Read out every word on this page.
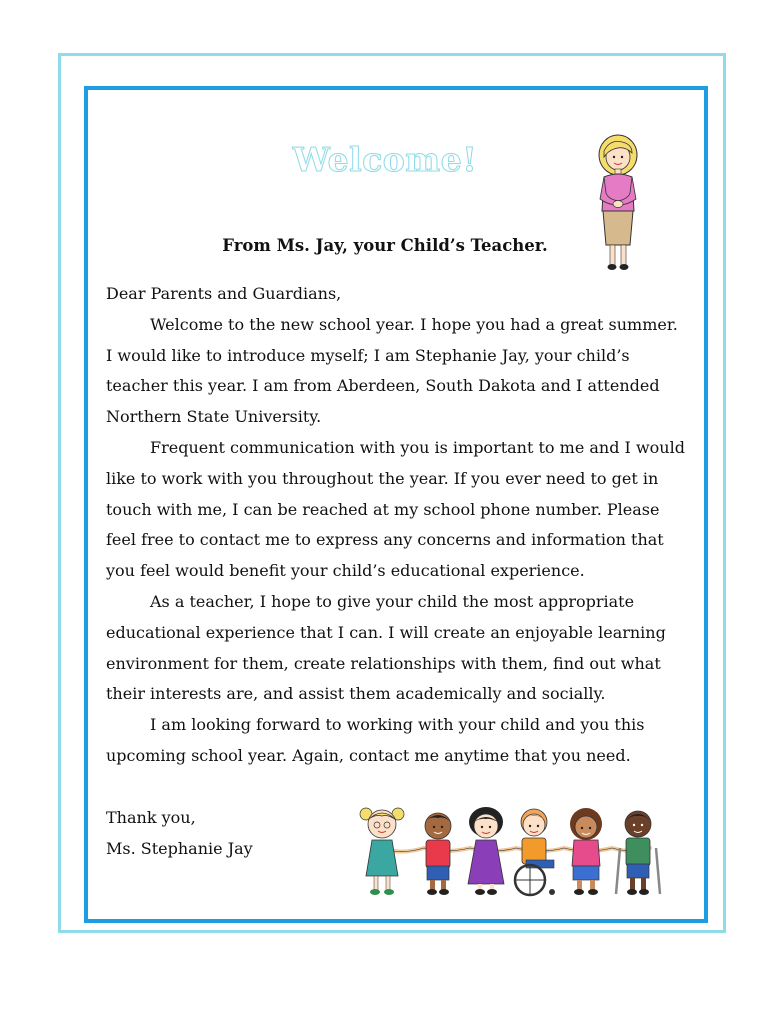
Welcome!
From Ms. Jay, your Child’s Teacher.

Dear Parents and Guardians,

Welcome to the new school year. I hope you had a great summer. I would like to introduce myself; I am Stephanie Jay, your child’s teacher this year. I am from Aberdeen, South Dakota and I attended Northern State University.

Frequent communication with you is important to me and I would like to work with you throughout the year. If you ever need to get in touch with me, I can be reached at my school phone number. Please feel free to contact me to express any concerns and information that you feel would benefit your child’s educational experience.

As a teacher, I hope to give your child the most appropriate educational experience that I can. I will create an enjoyable learning environment for them, create relationships with them, find out what their interests are, and assist them academically and socially.

I am looking forward to working with your child and you this upcoming school year. Again, contact me anytime that you need.

Thank you,
Ms. Stephanie Jay
